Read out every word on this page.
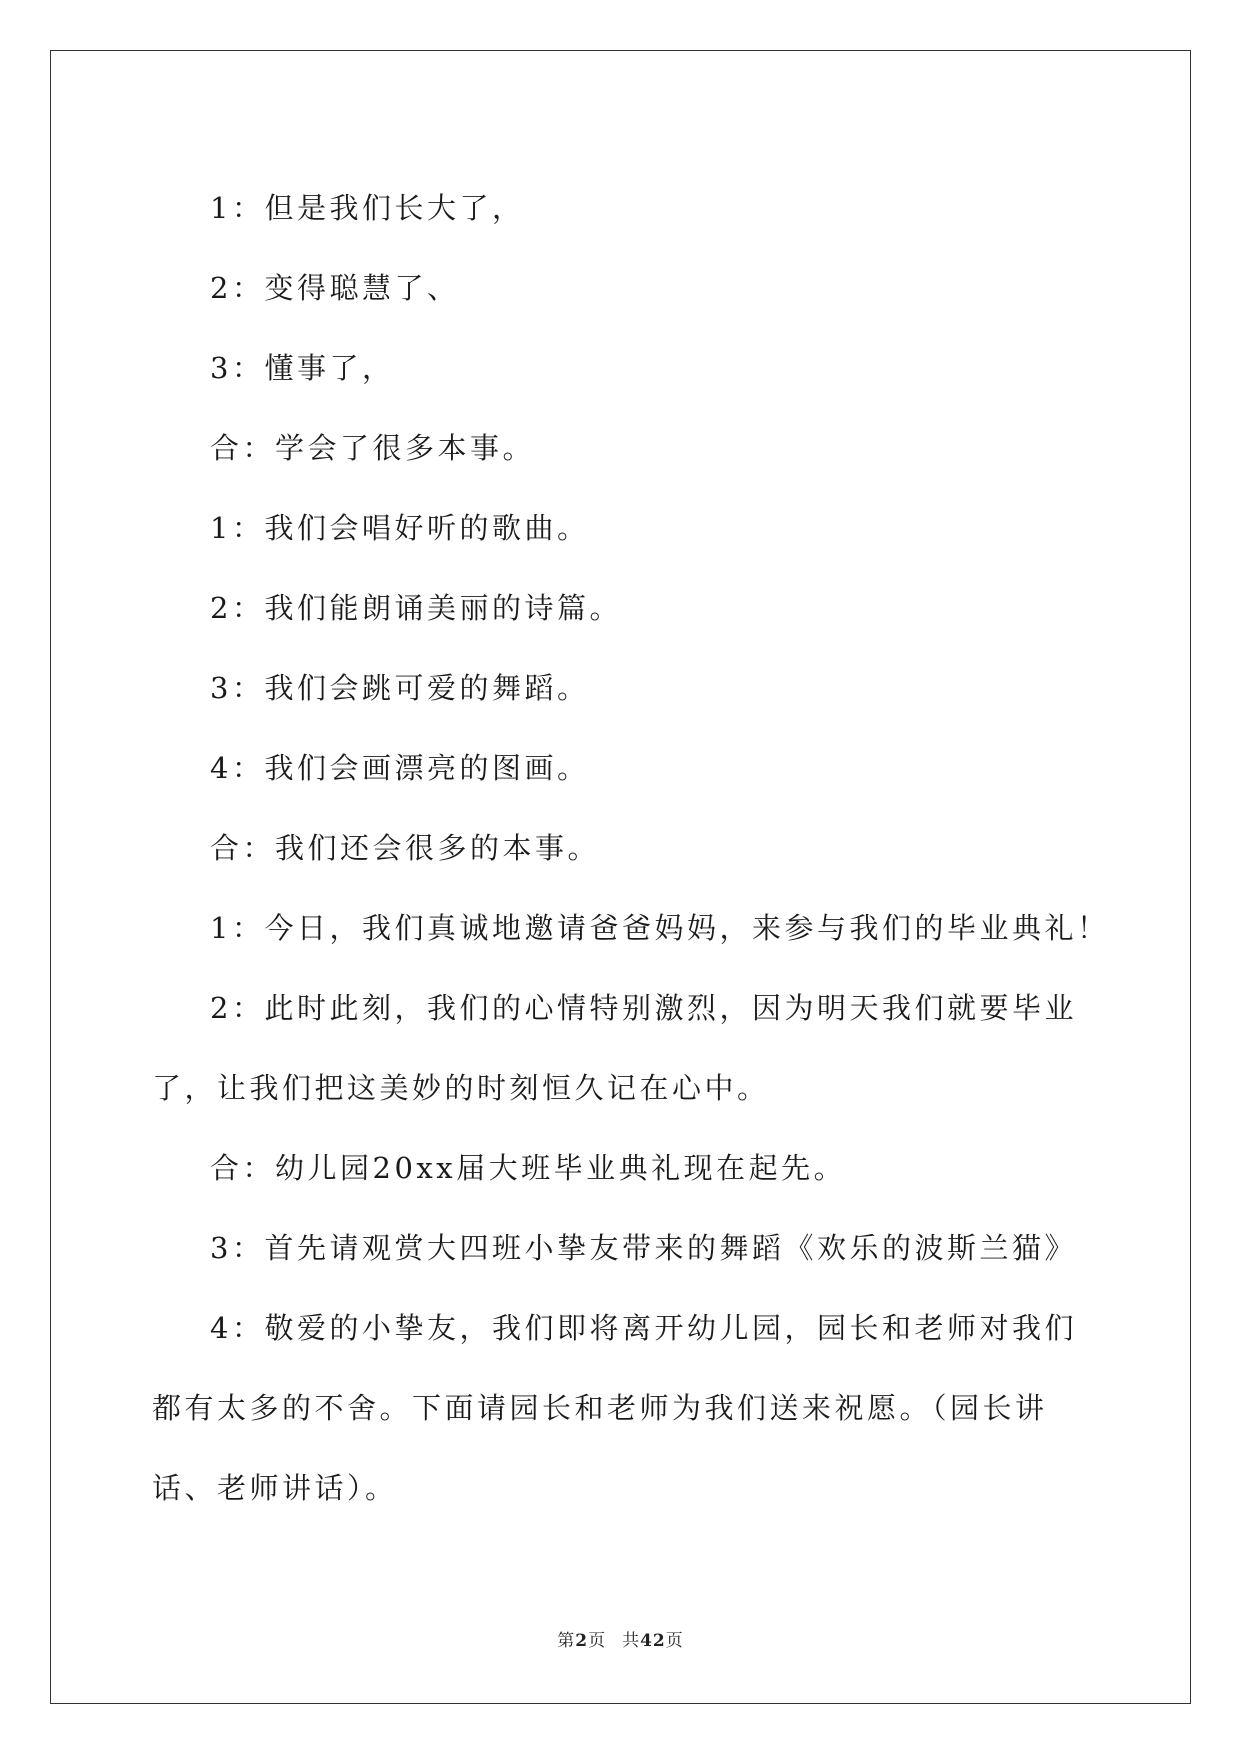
1：但是我们长大了，

2：变得聪慧了、

3：懂事了，

合：学会了很多本事。

1：我们会唱好听的歌曲。

2：我们能朗诵美丽的诗篇。

3：我们会跳可爱的舞蹈。

4：我们会画漂亮的图画。

合：我们还会很多的本事。

1：今日，我们真诚地邀请爸爸妈妈，来参与我们的毕业典礼！

2：此时此刻，我们的心情特别激烈，因为明天我们就要毕业了，让我们把这美妙的时刻恒久记在心中。

合：幼儿园20xx届大班毕业典礼现在起先。

3：首先请观赏大四班小挚友带来的舞蹈《欢乐的波斯兰猫》

4：敬爱的小挚友，我们即将离开幼儿园，园长和老师对我们都有太多的不舍。下面请园长和老师为我们送来祝愿。（园长讲话、老师讲话）。

第2页 共42页
